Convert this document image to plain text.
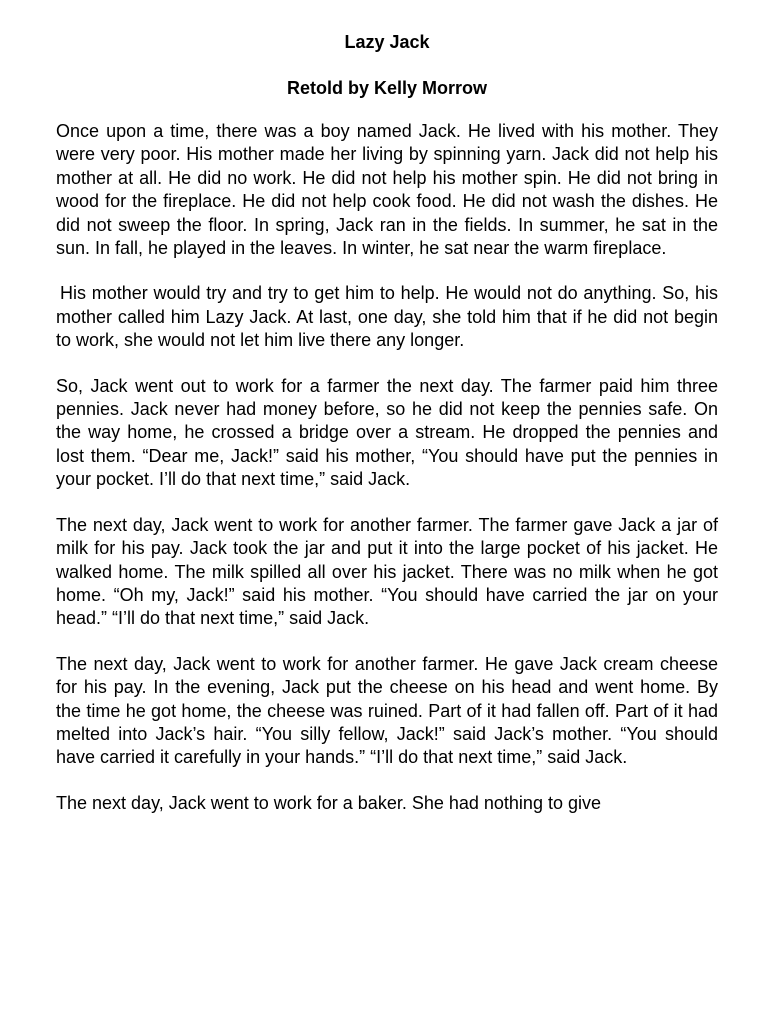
Lazy Jack
Retold by Kelly Morrow

Once upon a time, there was a boy named Jack. He lived with his mother. They were very poor. His mother made her living by spinning yarn. Jack did not help his mother at all. He did no work. He did not help his mother spin. He did not bring in wood for the fireplace. He did not help cook food. He did not wash the dishes. He did not sweep the floor. In spring, Jack ran in the fields. In summer, he sat in the sun. In fall, he played in the leaves. In winter, he sat near the warm fireplace.

His mother would try and try to get him to help. He would not do anything. So, his mother called him Lazy Jack. At last, one day, she told him that if he did not begin to work, she would not let him live there any longer.

So, Jack went out to work for a farmer the next day. The farmer paid him three pennies. Jack never had money before, so he did not keep the pennies safe. On the way home, he crossed a bridge over a stream. He dropped the pennies and lost them. “Dear me, Jack!” said his mother, “You should have put the pennies in your pocket. I’ll do that next time,” said Jack.

The next day, Jack went to work for another farmer. The farmer gave Jack a jar of milk for his pay. Jack took the jar and put it into the large pocket of his jacket. He walked home. The milk spilled all over his jacket. There was no milk when he got home. “Oh my, Jack!” said his mother. “You should have carried the jar on your head.” “I’ll do that next time,” said Jack.

The next day, Jack went to work for another farmer. He gave Jack cream cheese for his pay. In the evening, Jack put the cheese on his head and went home. By the time he got home, the cheese was ruined. Part of it had fallen off. Part of it had melted into Jack’s hair. “You silly fellow, Jack!” said Jack’s mother. “You should have carried it carefully in your hands.” “I’ll do that next time,” said Jack.

The next day, Jack went to work for a baker. She had nothing to give
